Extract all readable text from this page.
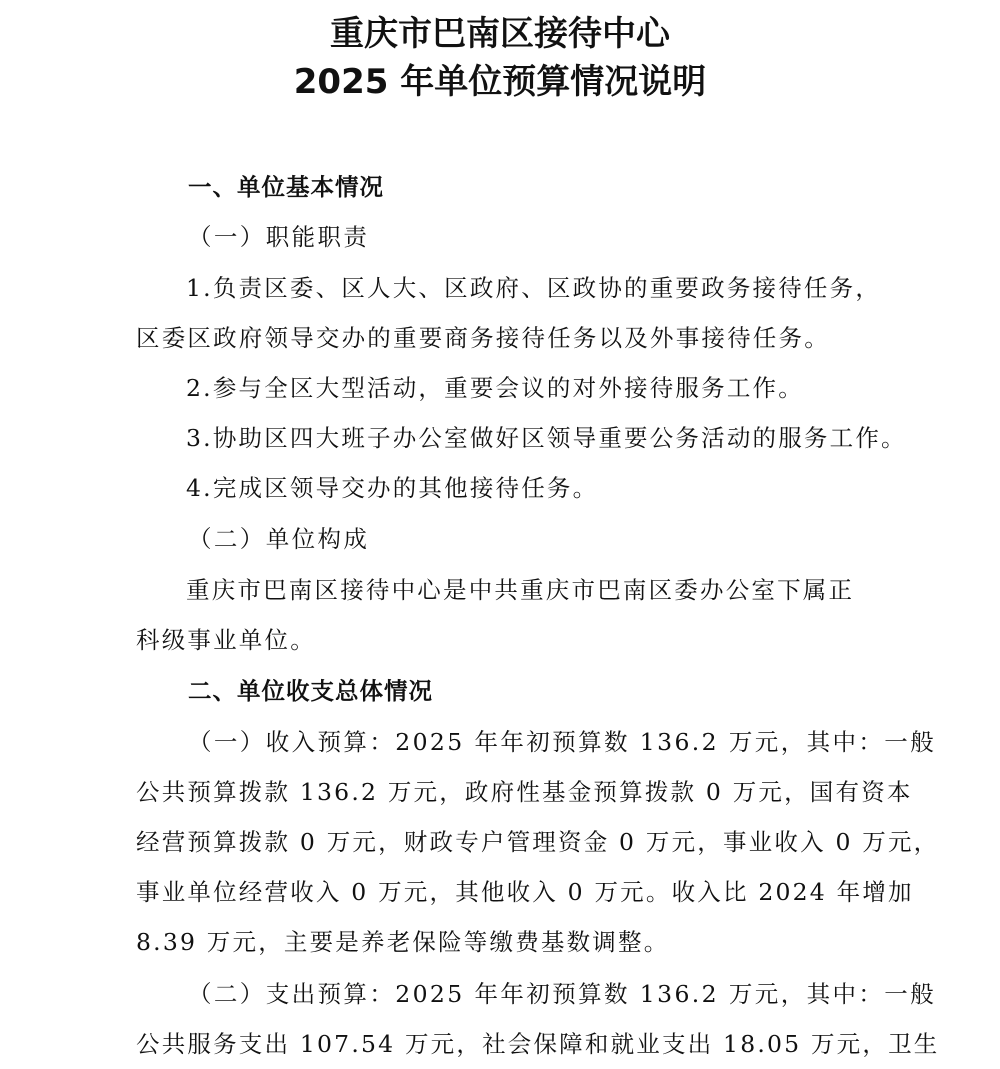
重庆市巴南区接待中心
2025 年单位预算情况说明
一、单位基本情况
（一）职能职责
1.负责区委、区人大、区政府、区政协的重要政务接待任务，
区委区政府领导交办的重要商务接待任务以及外事接待任务。
2.参与全区大型活动，重要会议的对外接待服务工作。
3.协助区四大班子办公室做好区领导重要公务活动的服务工作。
4.完成区领导交办的其他接待任务。
（二）单位构成
重庆市巴南区接待中心是中共重庆市巴南区委办公室下属正
科级事业单位。
二、单位收支总体情况
（一）收入预算：2025 年年初预算数 136.2 万元，其中：一般
公共预算拨款 136.2 万元，政府性基金预算拨款 0 万元，国有资本
经营预算拨款 0 万元，财政专户管理资金 0 万元，事业收入 0 万元，
事业单位经营收入 0 万元，其他收入 0 万元。收入比 2024 年增加
8.39 万元，主要是养老保险等缴费基数调整。
（二）支出预算：2025 年年初预算数 136.2 万元，其中：一般
公共服务支出 107.54 万元，社会保障和就业支出 18.05 万元，卫生
